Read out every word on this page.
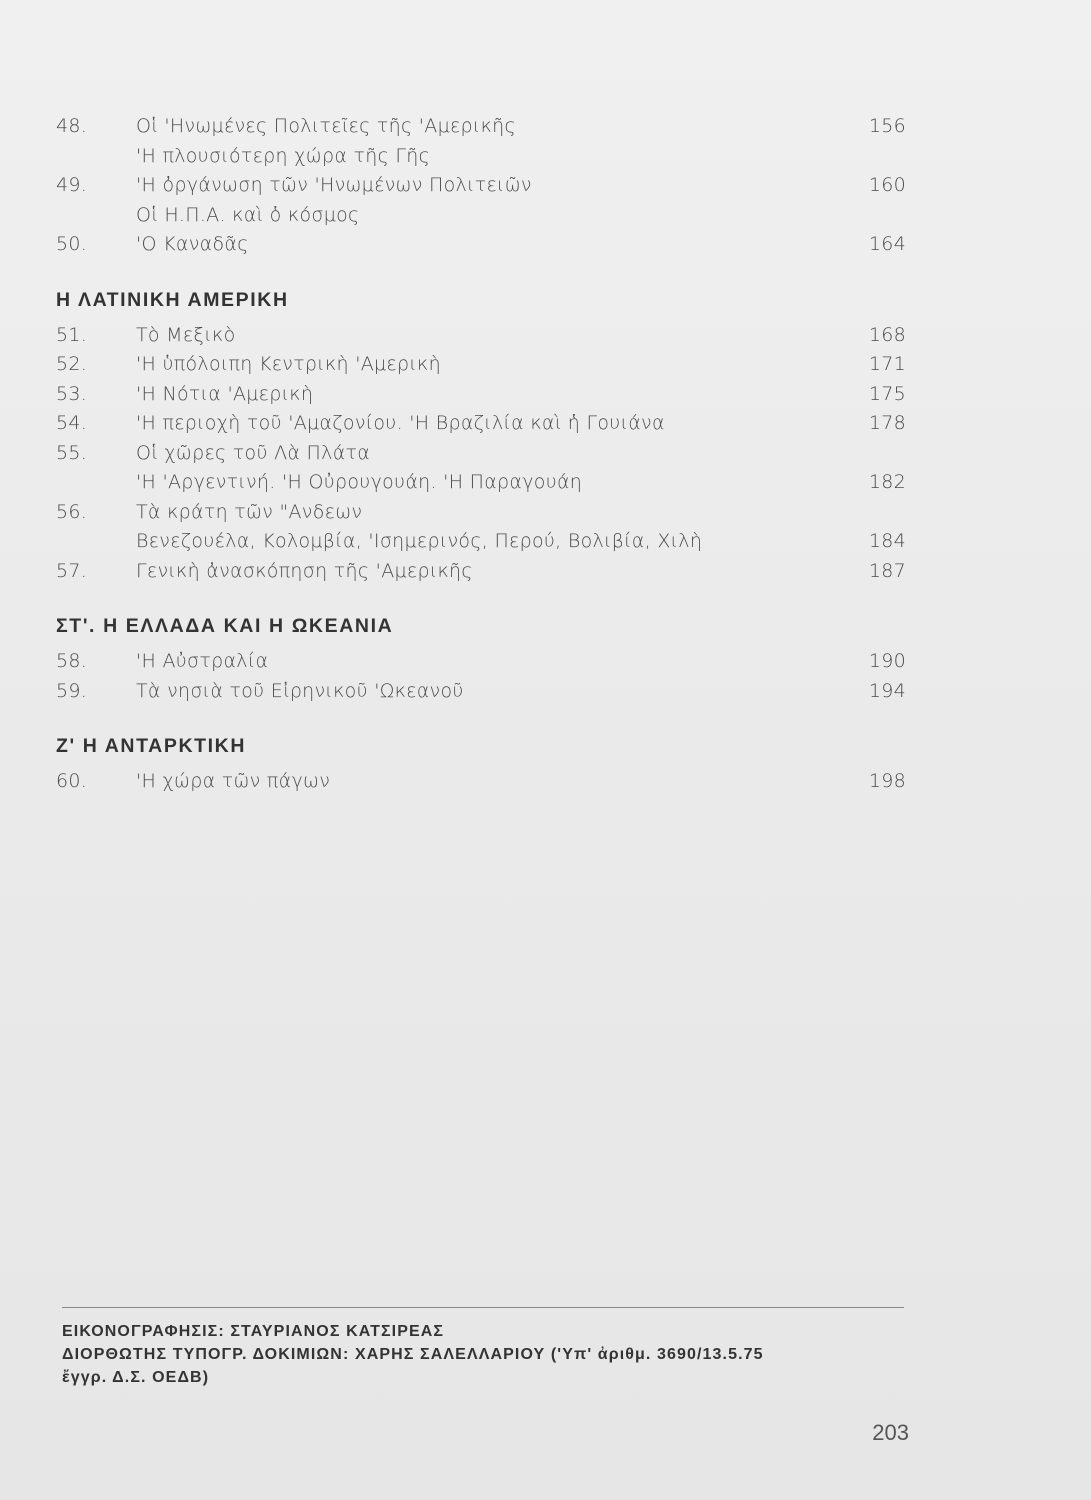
48.	Οἱ 'Ηνωμένες Πολιτεῖες τῆς 'Αμερικῆς	156
'Η πλουσιότερη χώρα τῆς Γῆς
49.	'Η ὀργάνωση τῶν 'Ηνωμένων Πολιτειῶν	160
Οἱ Η.Π.Α. καὶ ὁ κόσμος
50.	'Ο Καναδᾶς	164
Η ΛΑΤΙΝΙΚΗ ΑΜΕΡΙΚΗ
51.	Τὸ Μεξικὸ	168
52.	'Η ὑπόλοιπη Κεντρικὴ 'Αμερικὴ	171
53.	'Η Νότια 'Αμερικὴ	175
54.	'Η περιοχὴ τοῦ 'Αμαζονίου. 'Η Βραζιλία καὶ ἡ Γουιάνα	178
55.	Οἱ χῶρες τοῦ Λὰ Πλάτα
'Η 'Αργεντινή. 'Η Οὐρουγουάη. 'Η Παραγουάη	182
56.	Τὰ κράτη τῶν "Ανδεων
Βενεζουέλα, Κολομβία, 'Ισημερινός, Περού, Βολιβία, Χιλὴ	184
57.	Γενικὴ ἀνασκόπηση τῆς 'Αμερικῆς	187
ΣΤ'. Η ΕΛΛΑΔΑ ΚΑΙ Η ΩΚΕΑΝΙΑ
58.	'Η Αὐστραλία	190
59.	Τὰ νησιὰ τοῦ Εἰρηνικοῦ 'Ωκεανοῦ	194
Ζ' Η ΑΝΤΑΡΚΤΙΚΗ
60.	'Η χώρα τῶν πάγων	198
ΕΙΚΟΝΟΓΡΑΦΗΣΙΣ: ΣΤΑΥΡΙΑΝΟΣ ΚΑΤΣΙΡΕΑΣ
ΔΙΟΡΘΩΤΗΣ ΤΥΠΟΓΡ. ΔΟΚΙΜΙΩΝ: ΧΑΡΗΣ ΣΑΛΕΛΛΑΡΙΟΥ ('Υπ' ἀριθμ. 3690/13.5.75
ἔγγρ. Δ.Σ. ΟΕΔΒ)
203
